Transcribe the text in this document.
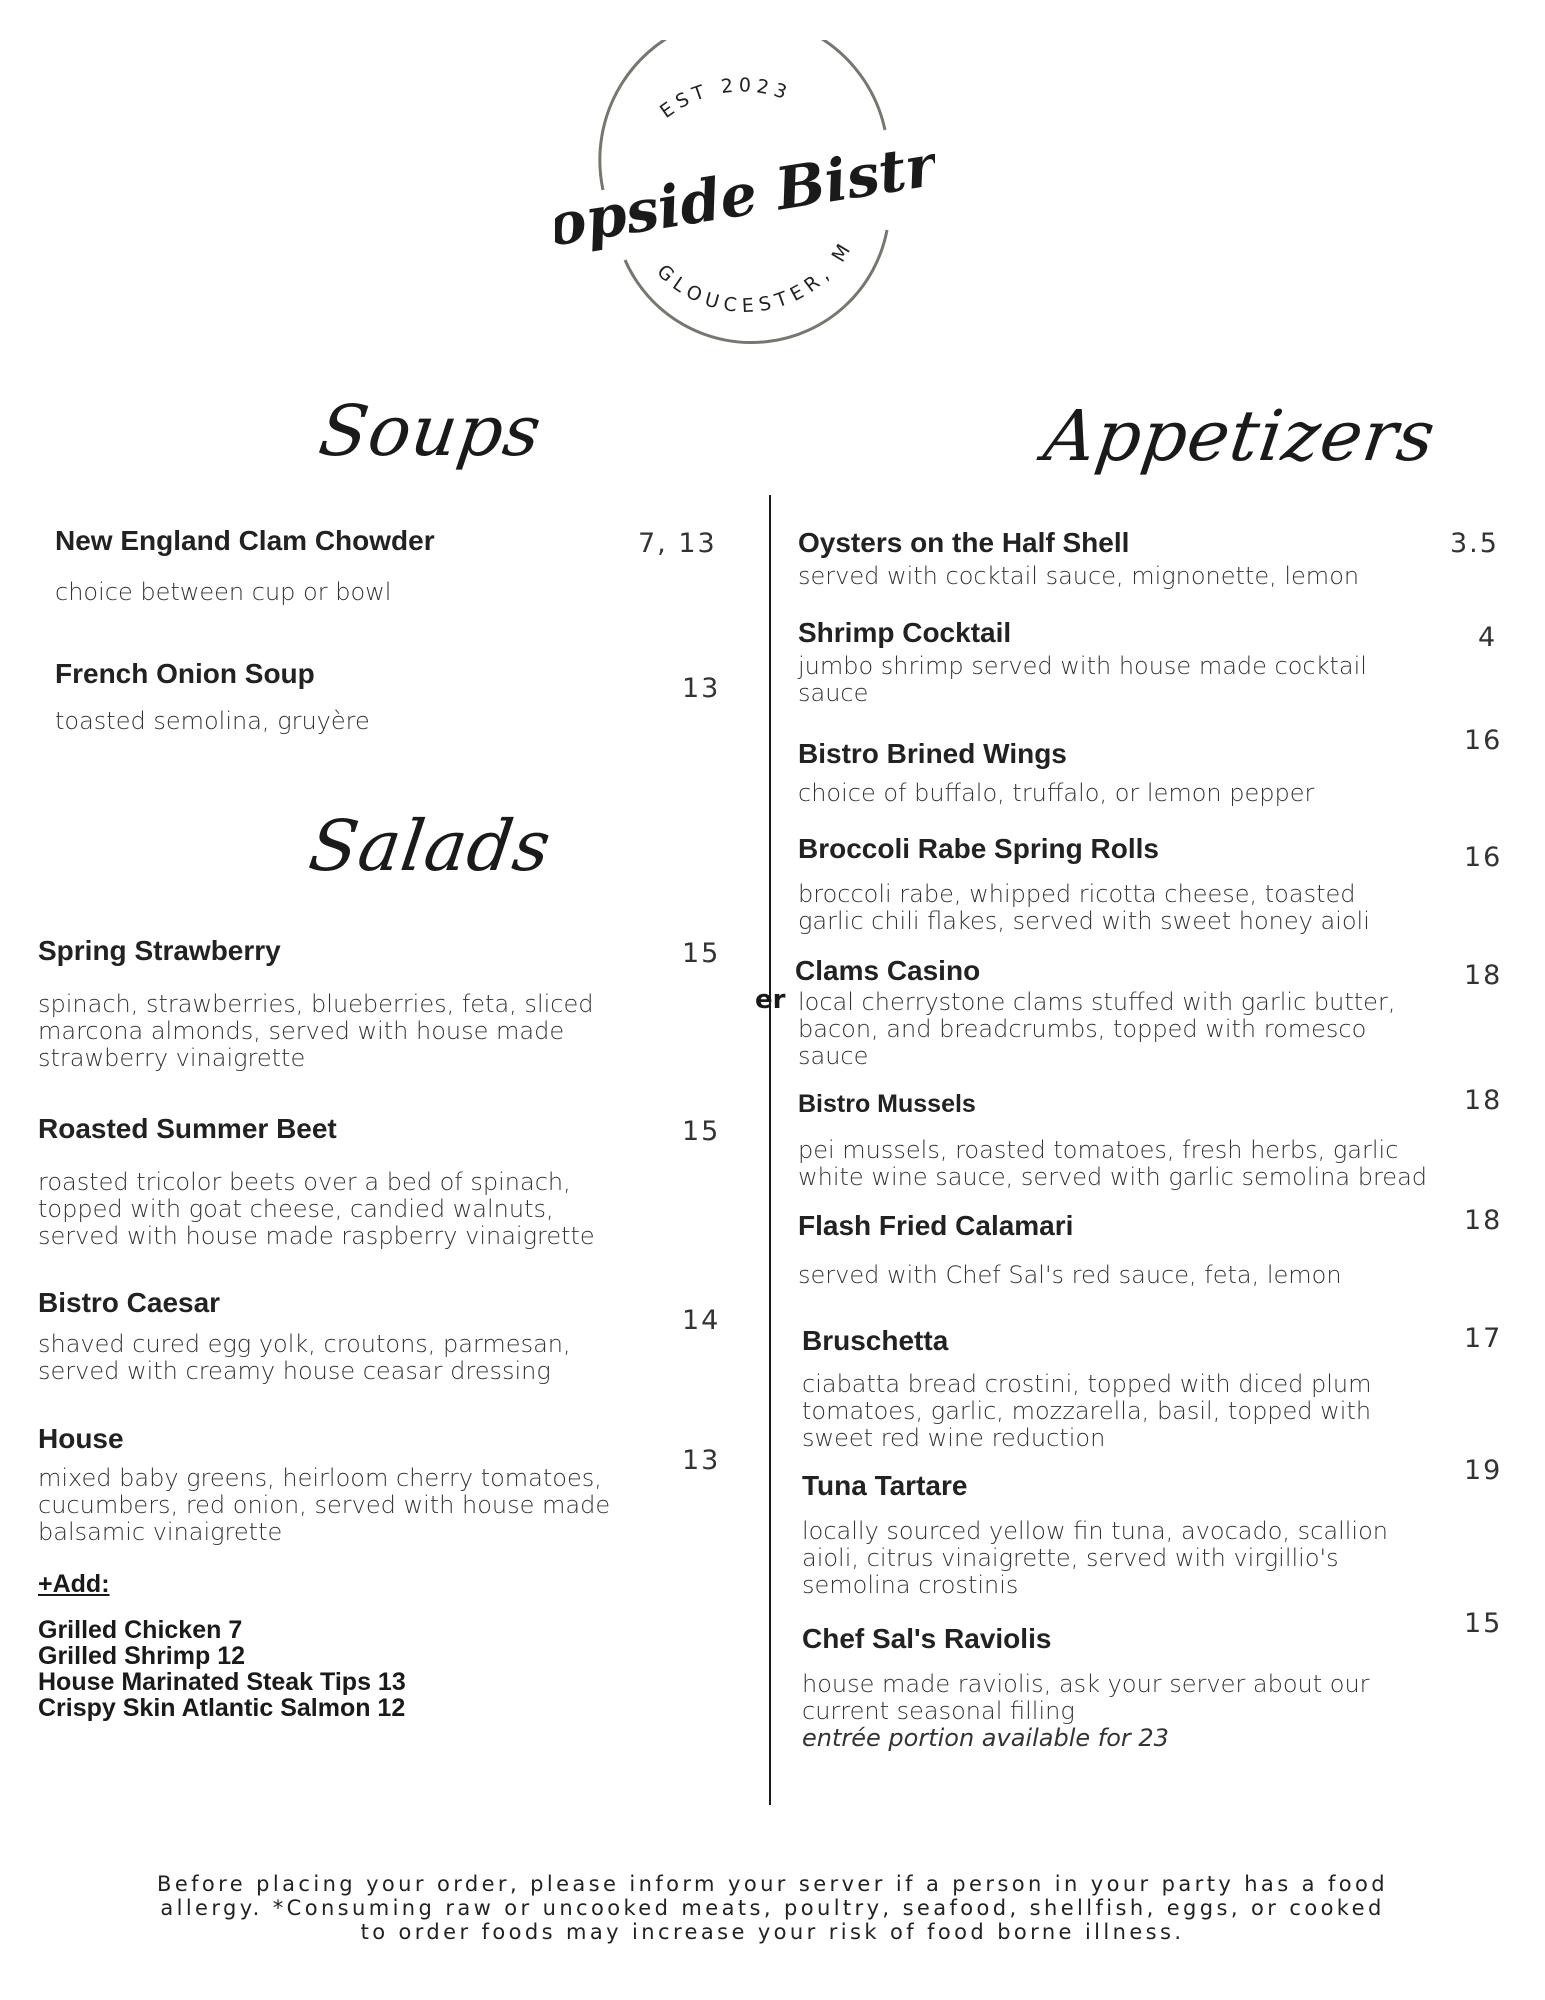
EST 2023
GLOUCESTER, M
Topside Bistro
Soups	Appetizers
Salads
er
New England Clam Chowder
choice between cup or bowl
7, 13
French Onion Soup
toasted semolina, gruyère
13
Spring Strawberry
spinach, strawberries, blueberries, feta, sliced
marcona almonds, served with house made
strawberry vinaigrette
15
Roasted Summer Beet
roasted tricolor beets over a bed of spinach,
topped with goat cheese, candied walnuts,
served with house made raspberry vinaigrette
15
Bistro Caesar
shaved cured egg yolk, croutons, parmesan,
served with creamy house ceasar dressing
14
House
mixed baby greens, heirloom cherry tomatoes,
cucumbers, red onion, served with house made
balsamic vinaigrette
13
+Add:
Grilled Chicken 7
Grilled Shrimp 12
House Marinated Steak Tips 13
Crispy Skin Atlantic Salmon 12
Oysters on the Half Shell
served with cocktail sauce, mignonette, lemon
3.5
Shrimp Cocktail
jumbo shrimp served with house made cocktail
sauce
4
Bistro Brined Wings
choice of buffalo, truffalo, or lemon pepper
16
Broccoli Rabe Spring Rolls
broccoli rabe, whipped ricotta cheese, toasted
garlic chili flakes, served with sweet honey aioli
16
Clams Casino
local cherrystone clams stuffed with garlic butter,
bacon, and breadcrumbs, topped with romesco
sauce
18
Bistro Mussels
pei mussels, roasted tomatoes, fresh herbs, garlic
white wine sauce, served with garlic semolina bread
18
Flash Fried Calamari
served with Chef Sal's red sauce, feta, lemon
18
Bruschetta
ciabatta bread crostini, topped with diced plum
tomatoes, garlic, mozzarella, basil, topped with
sweet red wine reduction
17
Tuna Tartare
locally sourced yellow fin tuna, avocado, scallion
aioli, citrus vinaigrette, served with virgillio's
semolina crostinis
19
Chef Sal's Raviolis
house made raviolis, ask your server about our
current seasonal filling
entrée portion available for 23
15
Before placing your order, please inform your server if a person in your party has a food allergy. *Consuming raw or uncooked meats, poultry, seafood, shellfish, eggs, or cooked to order foods may increase your risk of food borne illness.
